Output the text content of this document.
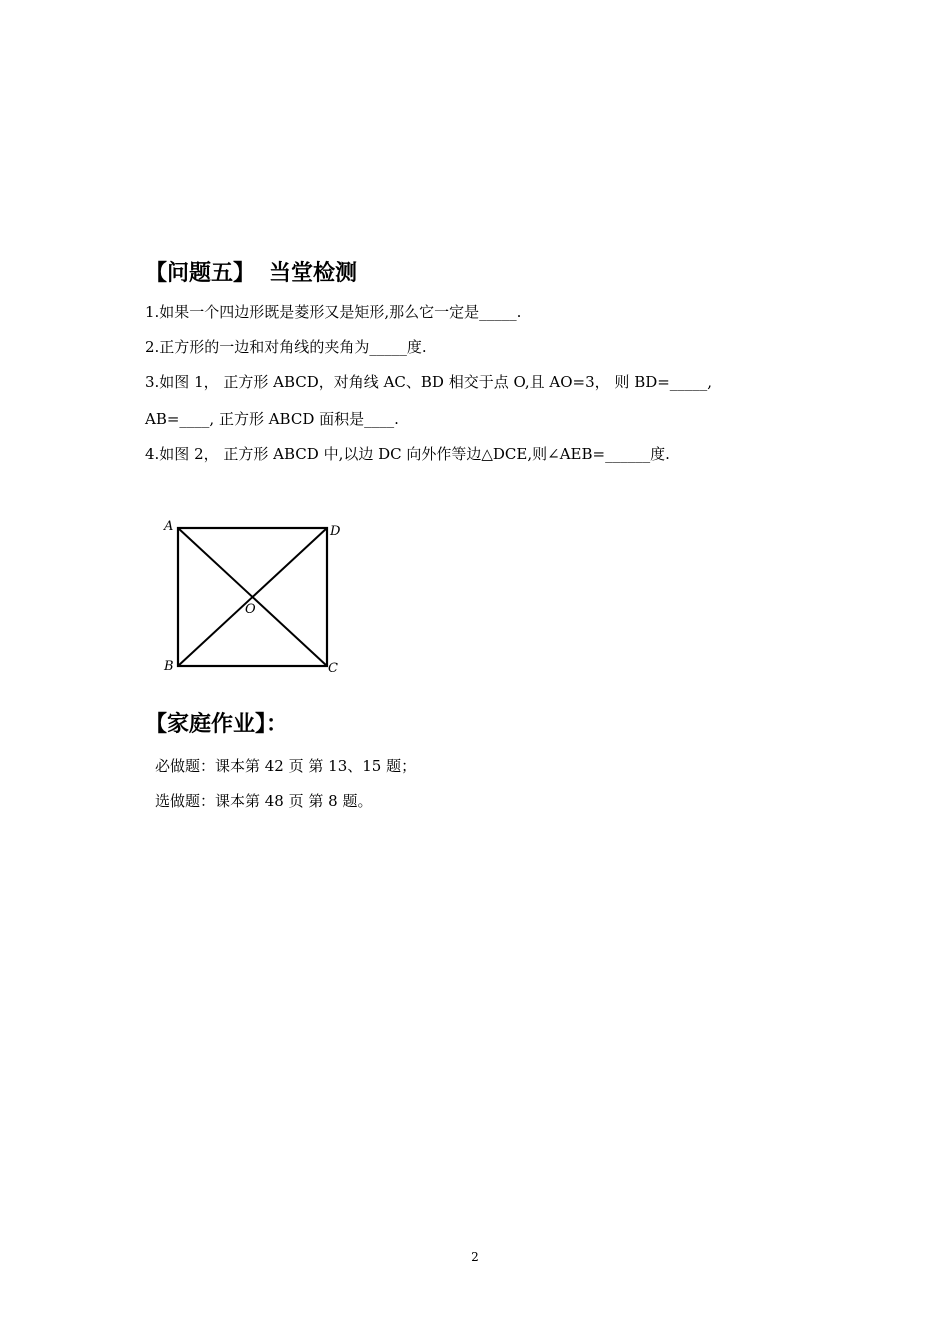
【问题五】 当堂检测
1.如果一个四边形既是菱形又是矩形,那么它一定是_____.
2.正方形的一边和对角线的夹角为_____度.
3.如图 1， 正方形 ABCD，对角线 AC、BD 相交于点 O,且 AO=3， 则 BD=_____,
AB=____, 正方形 ABCD 面积是____.
4.如图 2， 正方形 ABCD 中,以边 DC 向外作等边△DCE,则∠AEB=______度.
A	D
O
B	C
【家庭作业】：
必做题：课本第 42 页 第 13、15 题；
选做题：课本第 48 页 第 8 题。
2
